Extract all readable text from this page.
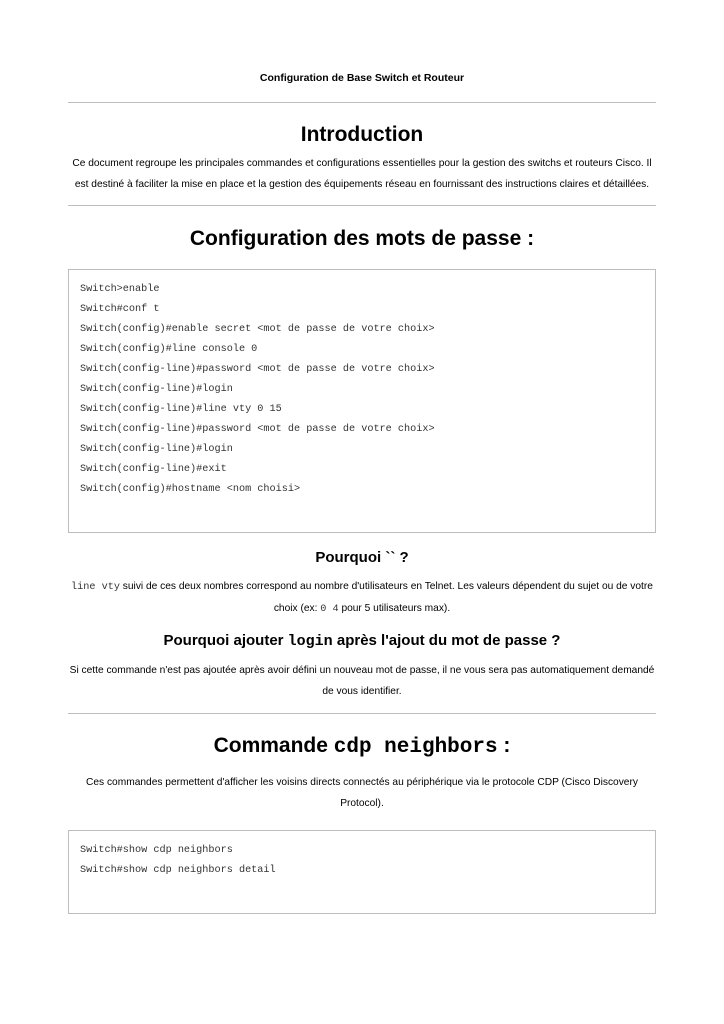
Configuration de Base Switch et Routeur
Introduction

Ce document regroupe les principales commandes et configurations essentielles pour la gestion des switchs et routeurs Cisco. Il est destiné à faciliter la mise en place et la gestion des équipements réseau en fournissant des instructions claires et détaillées.

Configuration des mots de passe :
Switch>enable
Switch#conf t
Switch(config)#enable secret <mot de passe de votre choix>
Switch(config)#line console 0
Switch(config-line)#password <mot de passe de votre choix>
Switch(config-line)#login
Switch(config-line)#line vty 0 15
Switch(config-line)#password <mot de passe de votre choix>
Switch(config-line)#login
Switch(config-line)#exit
Switch(config)#hostname <nom choisi>
Pourquoi `` ?

line vty suivi de ces deux nombres correspond au nombre d'utilisateurs en Telnet. Les valeurs dépendent du sujet ou de votre choix (ex: 0 4 pour 5 utilisateurs max).

Pourquoi ajouter login après l'ajout du mot de passe ?

Si cette commande n'est pas ajoutée après avoir défini un nouveau mot de passe, il ne vous sera pas automatiquement demandé de vous identifier.

Commande cdp neighbors :

Ces commandes permettent d'afficher les voisins directs connectés au périphérique via le protocole CDP (Cisco Discovery Protocol).

Switch#show cdp neighbors
Switch#show cdp neighbors detail
